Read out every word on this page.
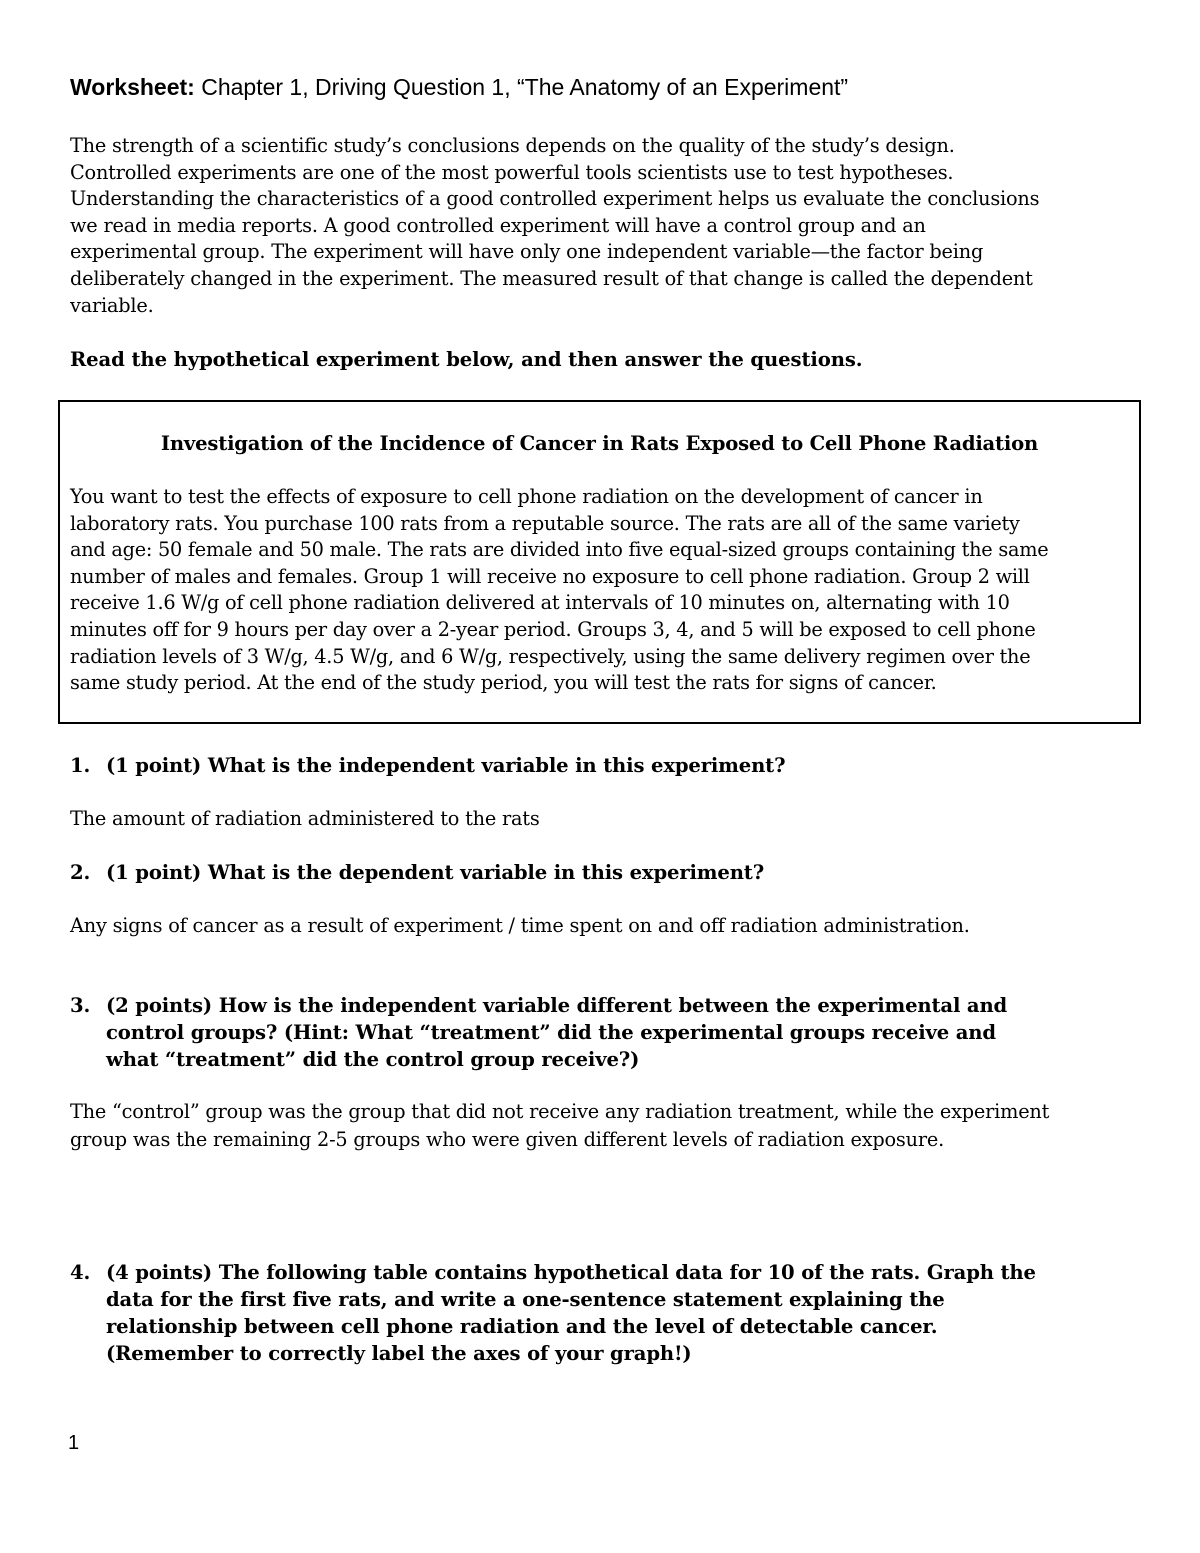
Worksheet: Chapter 1, Driving Question 1, “The Anatomy of an Experiment”
The strength of a scientific study’s conclusions depends on the quality of the study’s design.
Controlled experiments are one of the most powerful tools scientists use to test hypotheses.
Understanding the characteristics of a good controlled experiment helps us evaluate the conclusions
we read in media reports. A good controlled experiment will have a control group and an
experimental group. The experiment will have only one independent variable—the factor being
deliberately changed in the experiment. The measured result of that change is called the dependent
variable.
Read the hypothetical experiment below, and then answer the questions.
Investigation of the Incidence of Cancer in Rats Exposed to Cell Phone Radiation
You want to test the effects of exposure to cell phone radiation on the development of cancer in
laboratory rats. You purchase 100 rats from a reputable source. The rats are all of the same variety
and age: 50 female and 50 male. The rats are divided into five equal-sized groups containing the same
number of males and females. Group 1 will receive no exposure to cell phone radiation. Group 2 will
receive 1.6 W/g of cell phone radiation delivered at intervals of 10 minutes on, alternating with 10
minutes off for 9 hours per day over a 2-year period. Groups 3, 4, and 5 will be exposed to cell phone
radiation levels of 3 W/g, 4.5 W/g, and 6 W/g, respectively, using the same delivery regimen over the
same study period. At the end of the study period, you will test the rats for signs of cancer.
1. (1 point) What is the independent variable in this experiment?
The amount of radiation administered to the rats
2. (1 point) What is the dependent variable in this experiment?
Any signs of cancer as a result of experiment / time spent on and off radiation administration.
3. (2 points) How is the independent variable different between the experimental and
control groups? (Hint: What “treatment” did the experimental groups receive and
what “treatment” did the control group receive?)
The “control” group was the group that did not receive any radiation treatment, while the experiment
group was the remaining 2-5 groups who were given different levels of radiation exposure.
4. (4 points) The following table contains hypothetical data for 10 of the rats. Graph the
data for the first five rats, and write a one-sentence statement explaining the
relationship between cell phone radiation and the level of detectable cancer.
(Remember to correctly label the axes of your graph!)
1
